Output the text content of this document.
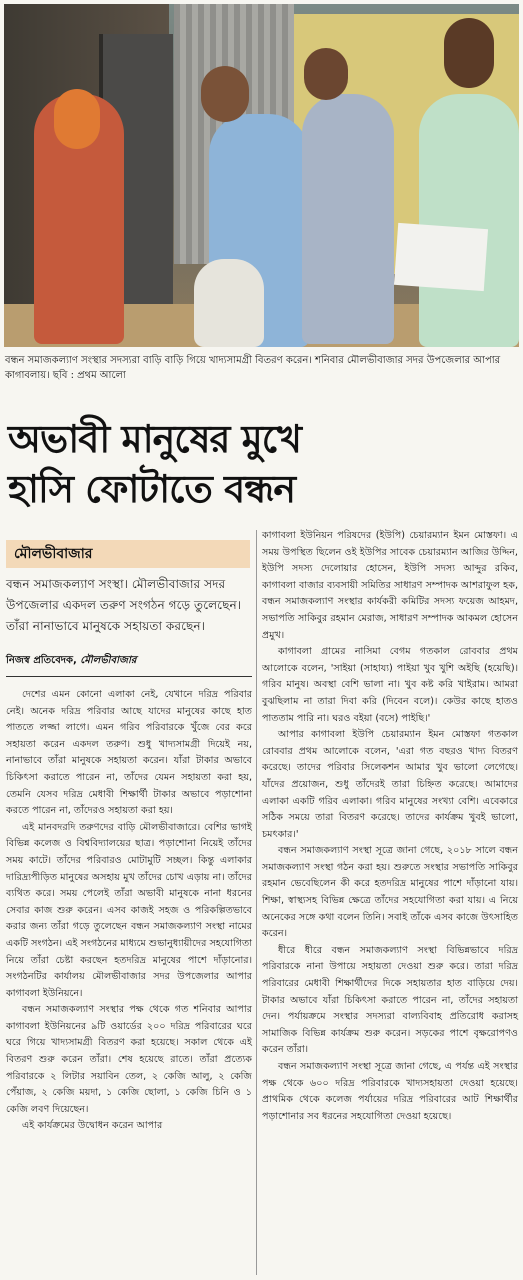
বন্ধন সমাজকল্যাণ সংস্থার সদস্যরা বাড়ি বাড়ি গিয়ে খাদ্যসামগ্রী বিতরণ করেন। শনিবার মৌলভীবাজার সদর উপজেলার আপার কাগাবলায়। ছবি : প্রথম আলো
অভাবী মানুষের মুখে
হাসি ফোটাতে বন্ধন
মৌলভীবাজার
বন্ধন সমাজকল্যাণ সংস্থা। মৌলভীবাজার সদর উপজেলার একদল তরুণ সংগঠন গড়ে তুলেছেন। তাঁরা নানাভাবে মানুষকে সহায়তা করছেন।
নিজস্ব প্রতিবেদক, মৌলভীবাজার

দেশের এমন কোনো এলাকা নেই, যেখানে দরিদ্র পরিবার নেই। অনেক দরিদ্র পরিবার আছে যাদের মানুষের কাছে হাত পাততে লজ্জা লাগে। এমন গরিব পরিবারকে খুঁজে বের করে সহায়তা করেন একদল তরুণ। শুধু খাদ্যসামগ্রী দিয়েই নয়, নানাভাবে তাঁরা মানুষকে সহায়তা করেন। যাঁরা টাকার অভাবে চিকিৎসা করাতে পারেন না, তাঁদের যেমন সহায়তা করা হয়, তেমনি যেসব দরিদ্র মেধাবী শিক্ষার্থী টাকার অভাবে পড়াশোনা করতে পারেন না, তাঁদেরও সহায়তা করা হয়।

এই মানবদরদি তরুণদের বাড়ি মৌলভীবাজারে। বেশির ভাগই বিভিন্ন কলেজ ও বিশ্ববিদ্যালয়ের ছাত্র। পড়াশোনা নিয়েই তাঁদের সময় কাটে। তাঁদের পরিবারও মোটামুটি সচ্ছল। কিন্তু এলাকার দারিদ্র্যপীড়িত মানুষের অসহায় মুখ তাঁদের চোখ এড়ায় না। তাঁদের ব্যথিত করে। সময় পেলেই তাঁরা অভাবী মানুষকে নানা ধরনের সেবার কাজ শুরু করেন। এসব কাজই সহজ ও পরিকল্পিতভাবে করার জন্য তাঁরা গড়ে তুলেছেন বন্ধন সমাজকল্যাণ সংস্থা নামের একটি সংগঠন। এই সংগঠনের মাধ্যমে শুভানুধ্যায়ীদের সহযোগিতা নিয়ে তাঁরা চেষ্টা করছেন হতদরিদ্র মানুষের পাশে দাঁড়ানোর। সংগঠনটির কার্যালয় মৌলভীবাজার সদর উপজেলার আপার কাগাবলা ইউনিয়নে।

বন্ধন সমাজকল্যাণ সংস্থার পক্ষ থেকে গত শনিবার আপার কাগাবলা ইউনিয়নের ৯টি ওয়ার্ডের ২০০ দরিদ্র পরিবারের ঘরে ঘরে গিয়ে খাদ্যসামগ্রী বিতরণ করা হয়েছে। সকাল থেকে এই বিতরণ শুরু করেন তাঁরা। শেষ হয়েছে রাতে। তাঁরা প্রত্যেক পরিবারকে ২ লিটার সয়াবিন তেল, ২ কেজি আলু, ২ কেজি পেঁয়াজ, ২ কেজি ময়দা, ১ কেজি ছোলা, ১ কেজি চিনি ও ১ কেজি লবণ দিয়েছেন।

এই কার্যক্রমের উদ্বোধন করেন আপার

কাগাবলা ইউনিয়ন পরিষদের (ইউপি) চেয়ারম্যান ইমন মোস্তফা। এ সময় উপস্থিত ছিলেন ওই ইউপির সাবেক চেয়ারম্যান আজির উদ্দিন, ইউপি সদস্য দেলোয়ার হোসেন, ইউপি সদস্য আব্দুর রকিব, কাগাবলা বাজার ব্যবসায়ী সমিতির সাধারণ সম্পাদক আশরাফুল হক, বন্ধন সমাজকল্যাণ সংস্থার কার্যকরী কমিটির সদস্য ফয়েজ আহমদ, সভাপতি সাকিবুর রহমান মেরাজ, সাধারণ সম্পাদক আকমল হোসেন প্রমুখ।

কাগাবলা গ্রামের নাসিমা বেগম গতকাল রোববার প্রথম আলোকে বলেন, 'সাইয়া (সাহায্য) পাইয়া খুব খুশি অইছি (হয়েছি)। গরিব মানুষ। অবস্থা বেশি ভালা না। খুব কষ্ট করি খাইরাম। আমরা বুঝছিলাম না তারা দিবা করি (দিবেন বলে)। কেউর কাছে হাতও পাততাম পারি না। ঘরও বইয়া (বসে) পাইছি।'

আপার কাগাবলা ইউপি চেয়ারম্যান ইমন মোস্তফা গতকাল রোববার প্রথম আলোকে বলেন, 'এরা গত বছরও খাদ্য বিতরণ করেছে। তাদের পরিবার সিলেকশন আমার খুব ভালো লেগেছে। যাঁদের প্রয়োজন, শুধু তাঁদেরই তারা চিহ্নিত করেছে। আমাদের এলাকা একটি গরিব এলাকা। গরিব মানুষের সংখ্যা বেশি। এবেকারে সঠিক সময়ে তারা বিতরণ করেছে। তাদের কার্যক্রম খুবই ভালো, চমৎকার।'

বন্ধন সমাজকল্যাণ সংস্থা সূত্রে জানা গেছে, ২০১৮ সালে বন্ধন সমাজকল্যাণ সংস্থা গঠন করা হয়। শুরুতে সংস্থার সভাপতি সাকিবুর রহমান ভেবেছিলেন কী করে হতদরিদ্র মানুষের পাশে দাঁড়ানো যায়। শিক্ষা, স্বাস্থ্যসহ বিভিন্ন ক্ষেত্রে তাঁদের সহযোগিতা করা যায়। এ নিয়ে অনেকের সঙ্গে কথা বলেন তিনি। সবাই তাঁকে এসব কাজে উৎসাহিত করেন।

ধীরে ধীরে বন্ধন সমাজকল্যাণ সংস্থা বিভিন্নভাবে দরিদ্র পরিবারকে নানা উপায়ে সহায়তা দেওয়া শুরু করে। তারা দরিদ্র পরিবারের মেধাবী শিক্ষার্থীদের দিকে সহায়তার হাত বাড়িয়ে দেয়। টাকার অভাবে যাঁরা চিকিৎসা করাতে পারেন না, তাঁদের সহায়তা দেন। পর্যায়ক্রমে সংস্থার সদস্যরা বাল্যবিবাহ প্রতিরোধ করাসহ সামাজিক বিভিন্ন কার্যক্রম শুরু করেন। সড়কের পাশে বৃক্ষরোপণও করেন তাঁরা।

বন্ধন সমাজকল্যাণ সংস্থা সূত্রে জানা গেছে, এ পর্যন্ত এই সংস্থার পক্ষ থেকে ৬০০ দরিদ্র পরিবারকে খাদ্যসহায়তা দেওয়া হয়েছে। প্রাথমিক থেকে কলেজ পর্যায়ের দরিদ্র পরিবারের আট শিক্ষার্থীর পড়াশোনার সব ধরনের সহযোগিতা দেওয়া হয়েছে।
